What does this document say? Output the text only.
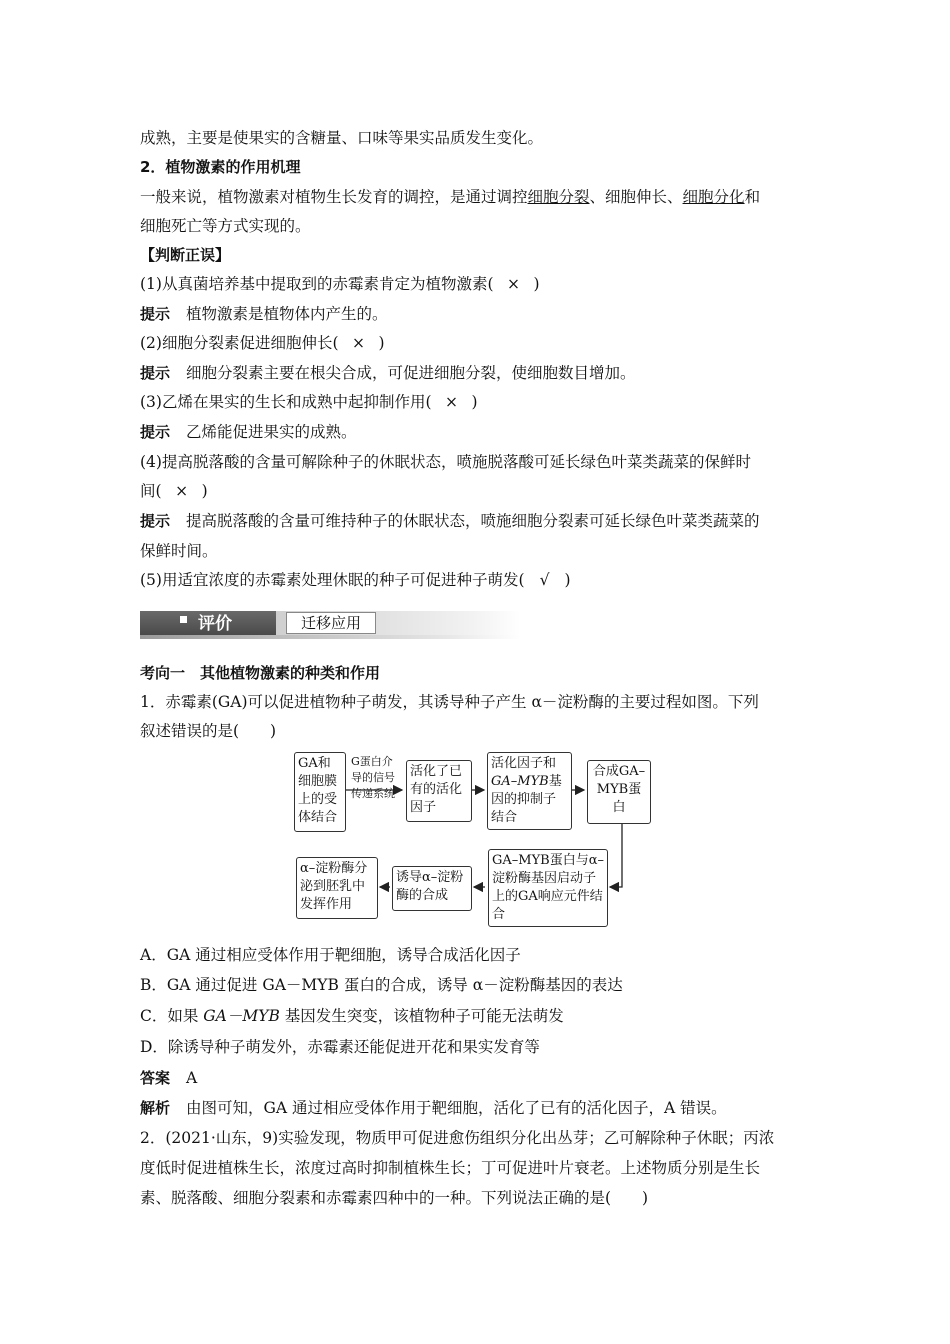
成熟，主要是使果实的含糖量、口味等果实品质发生变化。
2．植物激素的作用机理
一般来说，植物激素对植物生长发育的调控，是通过调控细胞分裂、细胞伸长、细胞分化和
细胞死亡等方式实现的。
【判断正误】
(1)从真菌培养基中提取到的赤霉素肯定为植物激素( × )
提示 植物激素是植物体内产生的。
(2)细胞分裂素促进细胞伸长( × )
提示 细胞分裂素主要在根尖合成，可促进细胞分裂，使细胞数目增加。
(3)乙烯在果实的生长和成熟中起抑制作用( × )
提示 乙烯能促进果实的成熟。
(4)提高脱落酸的含量可解除种子的休眠状态，喷施脱落酸可延长绿色叶菜类蔬菜的保鲜时
间( × )
提示 提高脱落酸的含量可维持种子的休眠状态，喷施细胞分裂素可延长绿色叶菜类蔬菜的
保鲜时间。
(5)用适宜浓度的赤霉素处理休眠的种子可促进种子萌发( √ )
评价	迁移应用
考向一　其他植物激素的种类和作用
1．赤霉素(GA)可以促进植物种子萌发，其诱导种子产生 α－淀粉酶的主要过程如图。下列
叙述错误的是(　　)
GA和细胞膜上的受体结合
G蛋白介导的信号传递系统
活化了已有的活化因子
活化因子和GA–MYB基因的抑制子结合
合成GA–MYB蛋白
GA–MYB蛋白与α–淀粉酶基因启动子上的GA响应元件结合
诱导α–淀粉酶的合成
α–淀粉酶分泌到胚乳中发挥作用
A．GA 通过相应受体作用于靶细胞，诱导合成活化因子
B．GA 通过促进 GA－MYB 蛋白的合成，诱导 α－淀粉酶基因的表达
C．如果 GA－MYB 基因发生突变，该植物种子可能无法萌发
D．除诱导种子萌发外，赤霉素还能促进开花和果实发育等
答案 A
解析 由图可知，GA 通过相应受体作用于靶细胞，活化了已有的活化因子，A 错误。
2．(2021·山东，9)实验发现，物质甲可促进愈伤组织分化出丛芽；乙可解除种子休眠；丙浓
度低时促进植株生长，浓度过高时抑制植株生长；丁可促进叶片衰老。上述物质分别是生长
素、脱落酸、细胞分裂素和赤霉素四种中的一种。下列说法正确的是(　　)
